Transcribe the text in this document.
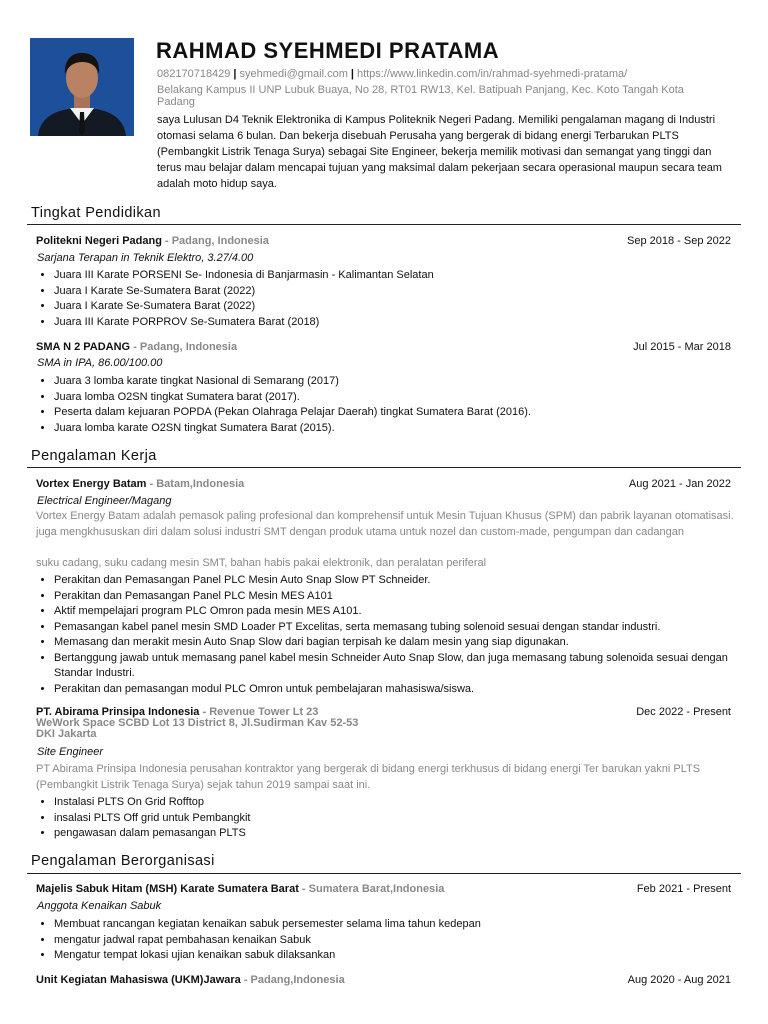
RAHMAD SYEHMEDI PRATAMA
082170718429 | syehmedi@gmail.com | https://www.linkedin.com/in/rahmad-syehmedi-pratama/
Belakang Kampus II UNP Lubuk Buaya, No 28, RT01 RW13, Kel. Batipuah Panjang, Kec. Koto Tangah Kota Padang
saya Lulusan D4 Teknik Elektronika di Kampus Politeknik Negeri Padang. Memiliki pengalaman magang di Industri otomasi selama 6 bulan. Dan bekerja disebuah Perusaha yang bergerak di bidang energi Terbarukan PLTS (Pembangkit Listrik Tenaga Surya) sebagai Site Engineer, bekerja memilik motivasi dan semangat yang tinggi dan terus mau belajar dalam mencapai tujuan yang maksimal dalam pekerjaan secara operasional maupun secara team adalah moto hidup saya.
Tingkat Pendidikan
Politekni Negeri Padang - Padang, Indonesia	Sep 2018 - Sep 2022
Sarjana Terapan in Teknik Elektro, 3.27/4.00
• Juara III Karate PORSENI Se- Indonesia di Banjarmasin - Kalimantan Selatan
• Juara I Karate Se-Sumatera Barat (2022)
• Juara I Karate Se-Sumatera Barat (2022)
• Juara III Karate PORPROV Se-Sumatera Barat (2018)
SMA N 2 PADANG - Padang, Indonesia	Jul 2015 - Mar 2018
SMA in IPA, 86.00/100.00
• Juara 3 lomba karate tingkat Nasional di Semarang (2017)
• Juara lomba O2SN tingkat Sumatera barat (2017).
• Peserta dalam kejuaran POPDA (Pekan Olahraga Pelajar Daerah) tingkat Sumatera Barat (2016).
• Juara lomba karate O2SN tingkat Sumatera Barat (2015).
Pengalaman Kerja
Vortex Energy Batam - Batam,Indonesia	Aug 2021 - Jan 2022
Electrical Engineer/Magang
Vortex Energy Batam adalah pemasok paling profesional dan komprehensif untuk Mesin Tujuan Khusus (SPM) dan pabrik layanan otomatisasi. juga mengkhususkan diri dalam solusi industri SMT dengan produk utama untuk nozel dan custom-made, pengumpan dan cadangan
suku cadang, suku cadang mesin SMT, bahan habis pakai elektronik, dan peralatan periferal
• Perakitan dan Pemasangan Panel PLC Mesin Auto Snap Slow PT Schneider.
• Perakitan dan Pemasangan Panel PLC Mesin MES A101
• Aktif mempelajari program PLC Omron pada mesin MES A101.
• Pemasangan kabel panel mesin SMD Loader PT Excelitas, serta memasang tubing solenoid sesuai dengan standar industri.
• Memasang dan merakit mesin Auto Snap Slow dari bagian terpisah ke dalam mesin yang siap digunakan.
• Bertanggung jawab untuk memasang panel kabel mesin Schneider Auto Snap Slow, dan juga memasang tabung solenoida sesuai dengan Standar Industri.
• Perakitan dan pemasangan modul PLC Omron untuk pembelajaran mahasiswa/siswa.
PT. Abirama Prinsipa Indonesia - Revenue Tower Lt 23
WeWork Space SCBD Lot 13 District 8, Jl.Sudirman Kav 52-53
DKI Jakarta
Dec 2022 - Present
Site Engineer
PT Abirama Prinsipa Indonesia perusahan kontraktor yang bergerak di bidang energi terkhusus di bidang energi Ter barukan yakni PLTS (Pembangkit Listrik Tenaga Surya) sejak tahun 2019 sampai saat ini.
• Instalasi PLTS On Grid Rofftop
• insalasi PLTS Off grid untuk Pembangkit
• pengawasan dalam pemasangan PLTS
Pengalaman Berorganisasi
Majelis Sabuk Hitam (MSH) Karate Sumatera Barat - Sumatera Barat,Indonesia	Feb 2021 - Present
Anggota Kenaikan Sabuk
• Membuat rancangan kegiatan kenaikan sabuk persemester selama lima tahun kedepan
• mengatur jadwal rapat pembahasan kenaikan Sabuk
• Mengatur tempat lokasi ujian kenaikan sabuk dilaksankan
Unit Kegiatan Mahasiswa (UKM)Jawara - Padang,Indonesia	Aug 2020 - Aug 2021
